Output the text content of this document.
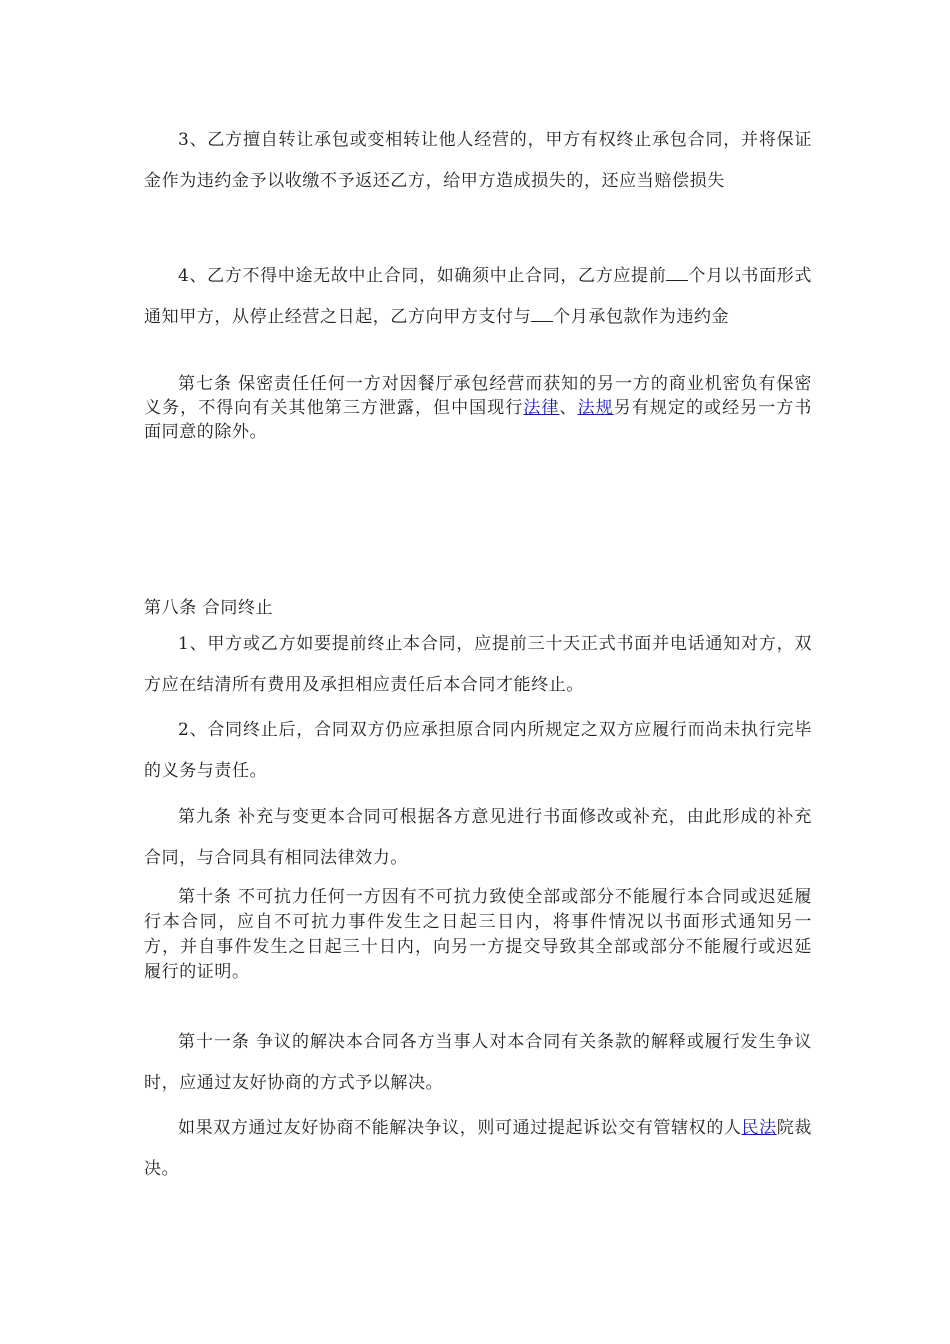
3、乙方擅自转让承包或变相转让他人经营的，甲方有权终止承包合同，并将保证金作为违约金予以收缴不予返还乙方，给甲方造成损失的，还应当赔偿损失

4、乙方不得中途无故中止合同，如确须中止合同，乙方应提前 个月以书面形式通知甲方，从停止经营之日起，乙方向甲方支付与 个月承包款作为违约金

第七条 保密责任任何一方对因餐厅承包经营而获知的另一方的商业机密负有保密义务，不得向有关其他第三方泄露，但中国现行法律、法规另有规定的或经另一方书面同意的除外。

第八条 合同终止

1、甲方或乙方如要提前终止本合同，应提前三十天正式书面并电话通知对方，双方应在结清所有费用及承担相应责任后本合同才能终止。

2、合同终止后，合同双方仍应承担原合同内所规定之双方应履行而尚未执行完毕的义务与责任。

第九条 补充与变更本合同可根据各方意见进行书面修改或补充，由此形成的补充合同，与合同具有相同法律效力。

第十条 不可抗力任何一方因有不可抗力致使全部或部分不能履行本合同或迟延履行本合同，应自不可抗力事件发生之日起三日内，将事件情况以书面形式通知另一方，并自事件发生之日起三十日内，向另一方提交导致其全部或部分不能履行或迟延履行的证明。

第十一条 争议的解决本合同各方当事人对本合同有关条款的解释或履行发生争议时，应通过友好协商的方式予以解决。

如果双方通过友好协商不能解决争议，则可通过提起诉讼交有管辖权的人民法院裁决。
